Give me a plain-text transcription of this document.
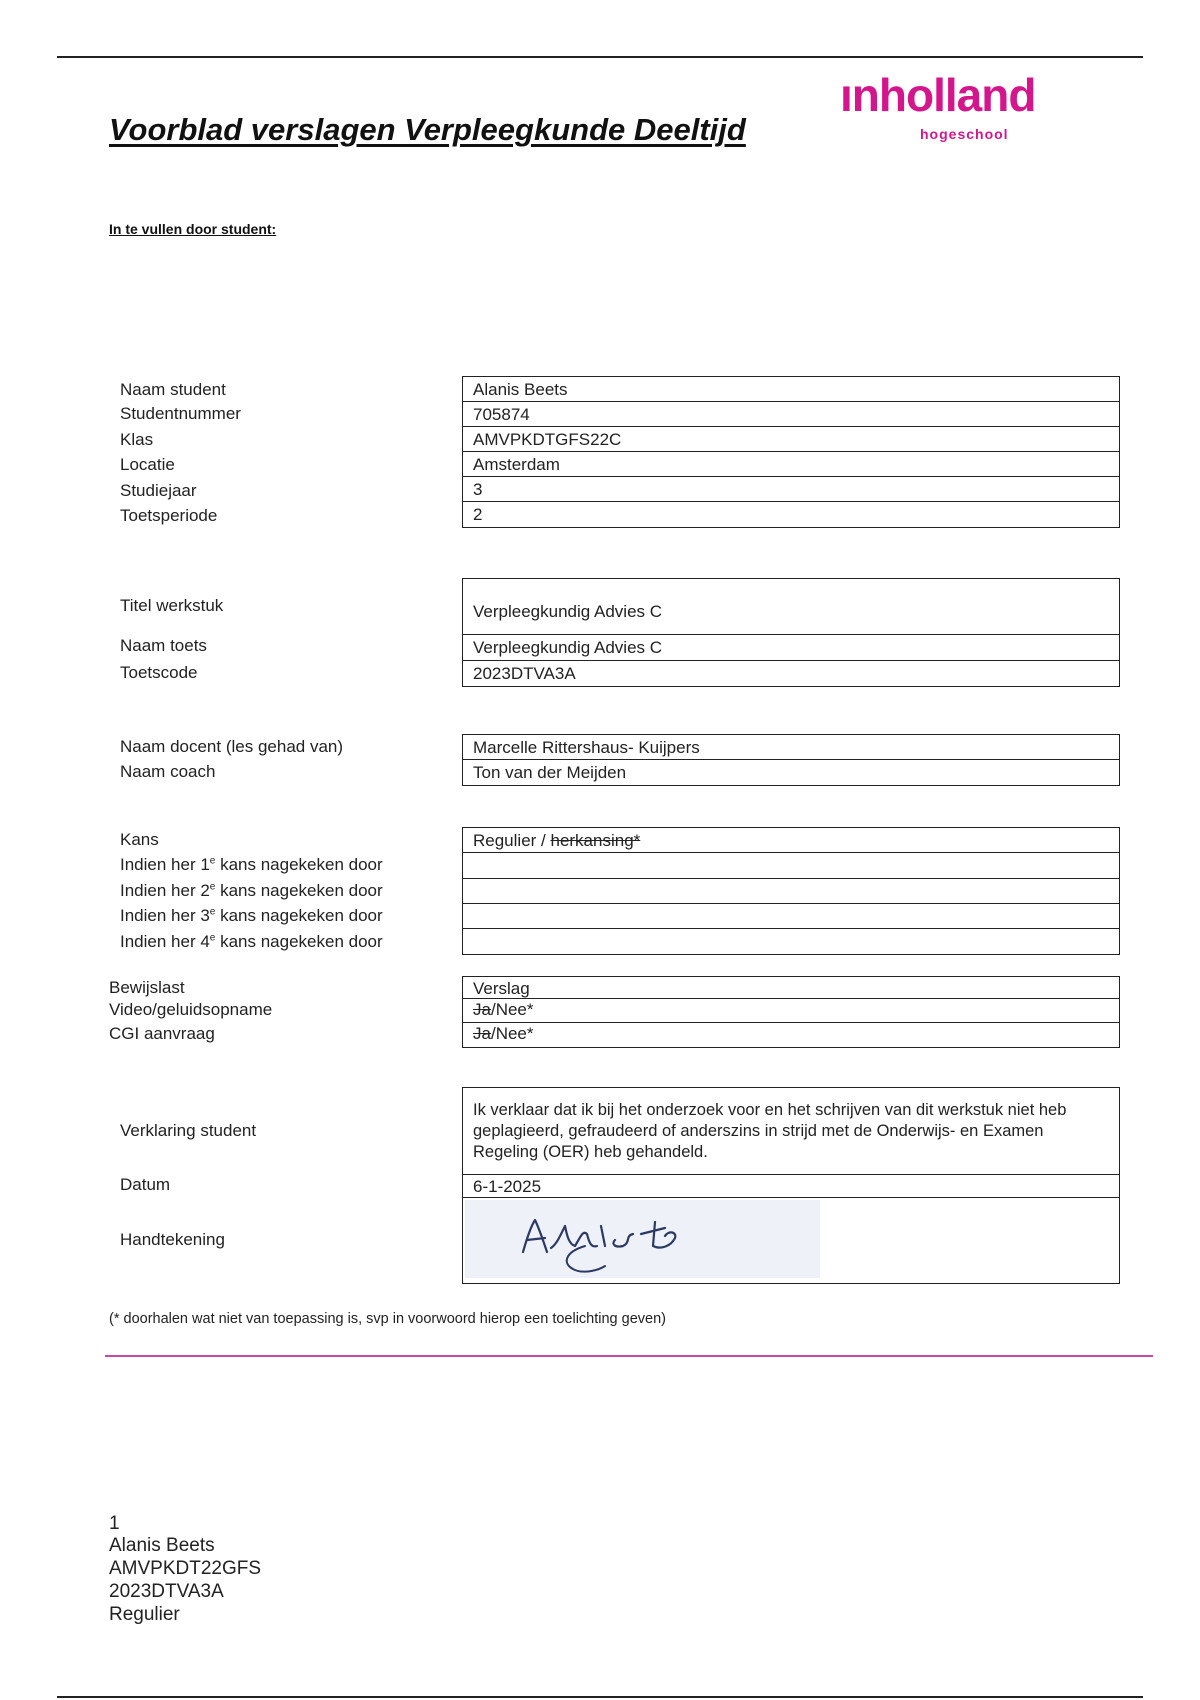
Voorblad verslagen Verpleegkunde Deeltijd
ınholland
hogeschool
In te vullen door student:
Naam student
Studentnummer
Klas
Locatie
Studiejaar
Toetsperiode
Alanis Beets
705874
AMVPKDTGFS22C
Amsterdam
3
2
Titel werkstuk
Naam toets
Toetscode
Verpleegkundig Advies C
Verpleegkundig Advies C
2023DTVA3A
Naam docent (les gehad van)
Naam coach
Marcelle Rittershaus- Kuijpers
Ton van der Meijden
Kans
Indien her 1e kans nagekeken door
Indien her 2e kans nagekeken door
Indien her 3e kans nagekeken door
Indien her 4e kans nagekeken door
Regulier / herkansing*
Bewijslast
Video/geluidsopname
CGI aanvraag
Verslag
Ja/Nee*
Ja/Nee*
Verklaring student
Datum
Handtekening
Ik verklaar dat ik bij het onderzoek voor en het schrijven van dit werkstuk niet heb geplagieerd, gefraudeerd of anderszins in strijd met de Onderwijs- en Examen Regeling (OER) heb gehandeld.
6-1-2025
(* doorhalen wat niet van toepassing is, svp in voorwoord hierop een toelichting geven)
1
Alanis Beets
AMVPKDT22GFS
2023DTVA3A
Regulier
